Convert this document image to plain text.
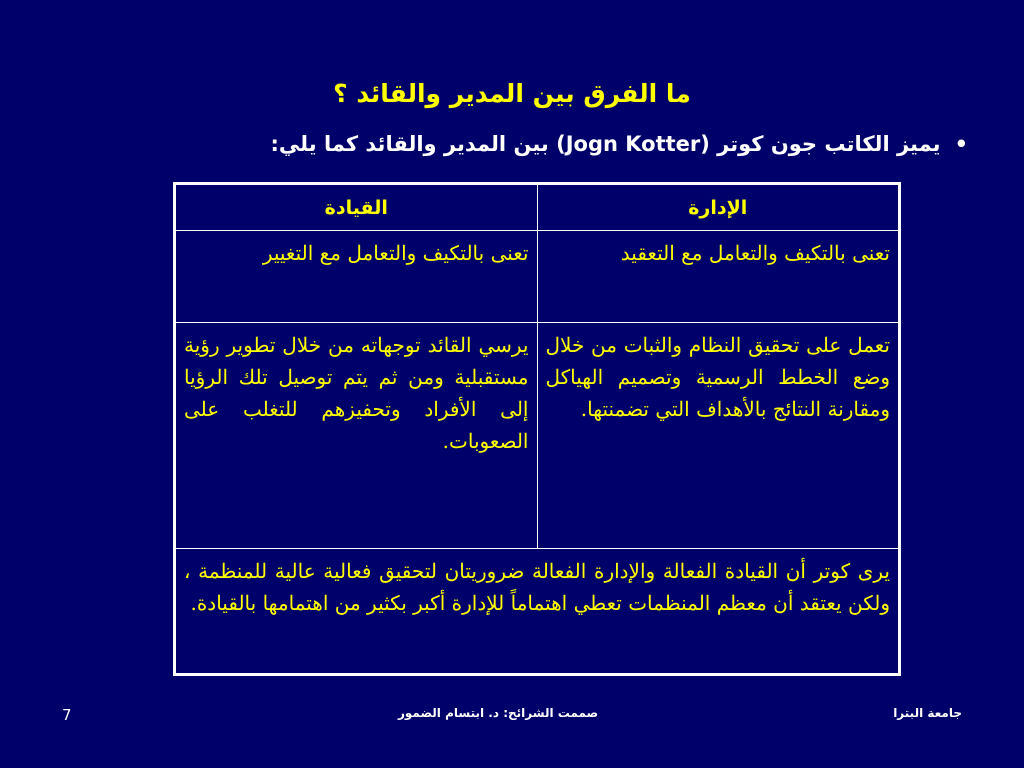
ما الفرق بين المدير والقائد ؟
•يميز الكاتب جون كوتر (Jogn Kotter) بين المدير والقائد كما يلي:
الإدارة	القيادة
تعنى بالتكيف والتعامل مع التعقيد	تعنى بالتكيف والتعامل مع التغيير
تعمل على تحقيق النظام والثبات من خلال وضع الخطط الرسمية وتصميم الهياكل ومقارنة النتائج بالأهداف التي تضمنتها.	يرسي القائد توجهاته من خلال تطوير رؤية مستقبلية ومن ثم يتم توصيل تلك الرؤيا إلى الأفراد وتحفيزهم للتغلب على الصعوبات.
يرى كوتر أن القيادة الفعالة والإدارة الفعالة ضروريتان لتحقيق فعالية عالية للمنظمة ، ولكن يعتقد أن معظم المنظمات تعطي اهتماماً للإدارة أكبر بكثير من اهتمامها بالقيادة.	
جامعة البترا
صممت الشرائح: د. ابتسام الضمور
7
